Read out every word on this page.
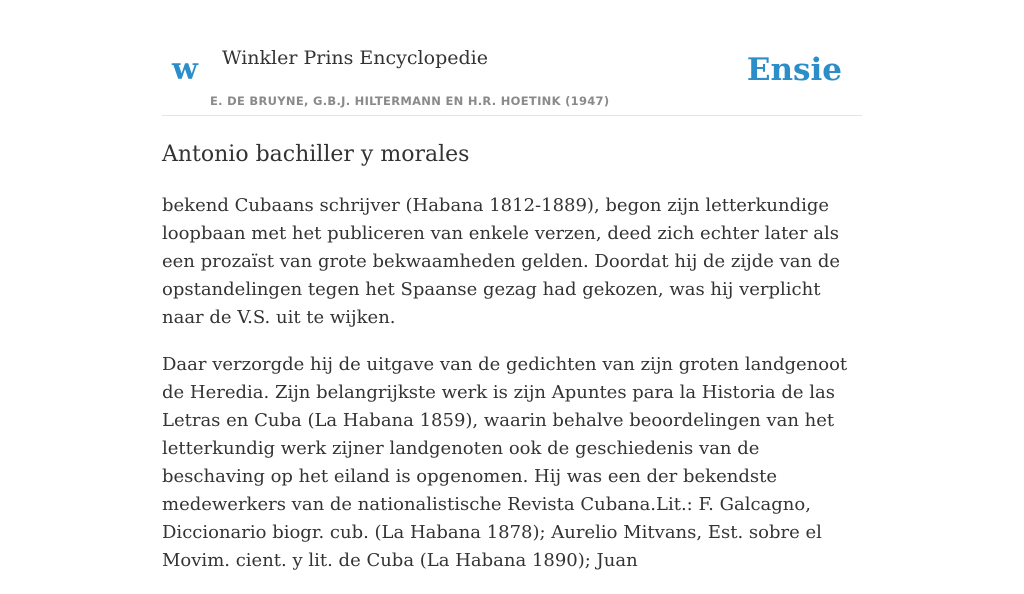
w Winkler Prins Encyclopedie
E. DE BRUYNE, G.B.J. HILTERMANN EN H.R. HOETINK (1947)
Ensie
Antonio bachiller y morales

bekend Cubaans schrijver (Habana 1812-1889), begon zijn letterkundige loopbaan met het publiceren van enkele verzen, deed zich echter later als een prozaïst van grote bekwaamheden gelden. Doordat hij de zijde van de opstandelingen tegen het Spaanse gezag had gekozen, was hij verplicht naar de V.S. uit te wijken.

Daar verzorgde hij de uitgave van de gedichten van zijn groten landgenoot de Heredia. Zijn belangrijkste werk is zijn Apuntes para la Historia de las Letras en Cuba (La Habana 1859), waarin behalve beoordelingen van het letterkundig werk zijner landgenoten ook de geschiedenis van de beschaving op het eiland is opgenomen. Hij was een der bekendste medewerkers van de nationalistische Revista Cubana.Lit.: F. Galcagno, Diccionario biogr. cub. (La Habana 1878); Aurelio Mitvans, Est. sobre el Movim. cient. y lit. de Cuba (La Habana 1890); Juan
